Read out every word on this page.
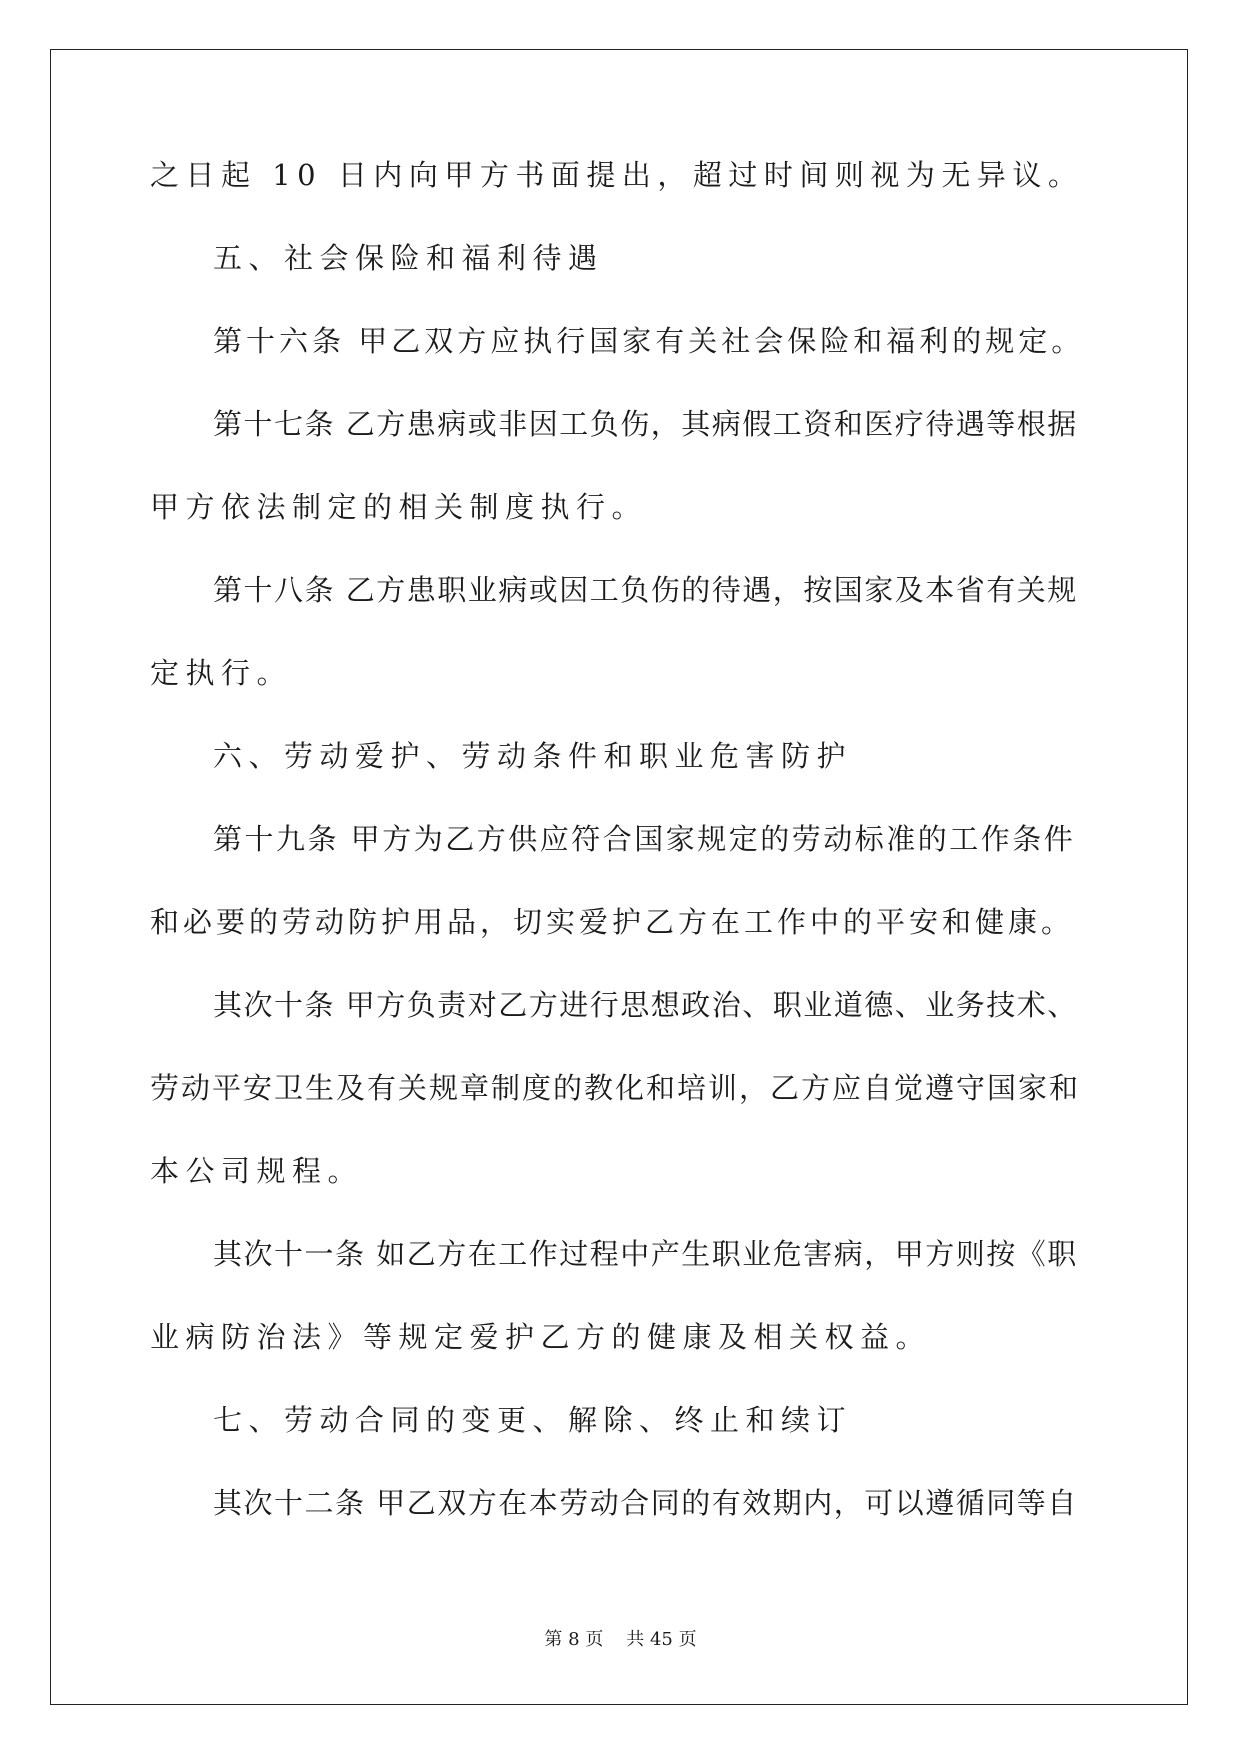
之日起 10 日内向甲方书面提出，超过时间则视为无异议。

五、社会保险和福利待遇

第十六条 甲乙双方应执行国家有关社会保险和福利的规定。

第十七条 乙方患病或非因工负伤，其病假工资和医疗待遇等根据

甲方依法制定的相关制度执行。

第十八条 乙方患职业病或因工负伤的待遇，按国家及本省有关规

定执行。

六、劳动爱护、劳动条件和职业危害防护

第十九条 甲方为乙方供应符合国家规定的劳动标准的工作条件

和必要的劳动防护用品，切实爱护乙方在工作中的平安和健康。

其次十条 甲方负责对乙方进行思想政治、职业道德、业务技术、

劳动平安卫生及有关规章制度的教化和培训，乙方应自觉遵守国家和

本公司规程。

其次十一条 如乙方在工作过程中产生职业危害病，甲方则按《职

业病防治法》等规定爱护乙方的健康及相关权益。

七、劳动合同的变更、解除、终止和续订

其次十二条 甲乙双方在本劳动合同的有效期内，可以遵循同等自

第 8 页 共 45 页
